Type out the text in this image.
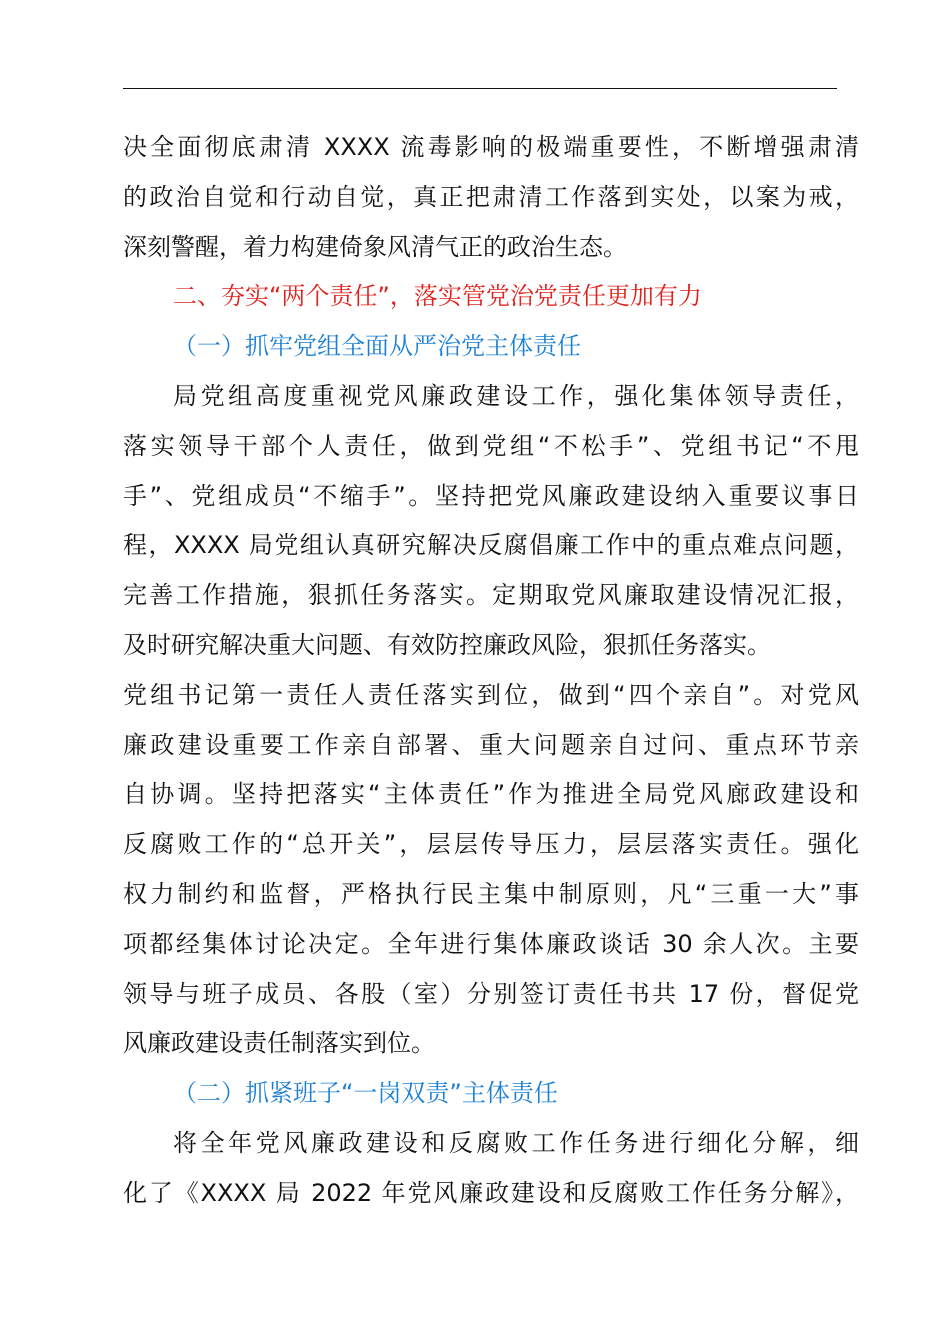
决全面彻底肃清 XXXX 流毒影响的极端重要性，不断增强肃清
的政治自觉和行动自觉，真正把肃清工作落到实处，以案为戒，
深刻警醒，着力构建倚象风清气正的政治生态。
二、夯实“两个责任”，落实管党治党责任更加有力
（一）抓牢党组全面从严治党主体责任
局党组高度重视党风廉政建设工作，强化集体领导责任，
落实领导干部个人责任，做到党组“不松手”、党组书记“不甩
手”、党组成员“不缩手”。坚持把党风廉政建设纳入重要议事日
程，XXXX 局党组认真研究解决反腐倡廉工作中的重点难点问题，
完善工作措施，狠抓任务落实。定期取党风廉取建设情况汇报，
及时研究解决重大问题、有效防控廉政风险，狠抓任务落实。
党组书记第一责任人责任落实到位，做到“四个亲自”。对党风
廉政建设重要工作亲自部署、重大问题亲自过问、重点环节亲
自协调。坚持把落实“主体责任”作为推进全局党风廊政建设和
反腐败工作的“总开关”，层层传导压力，层层落实责任。强化
权力制约和监督，严格执行民主集中制原则，凡“三重一大”事
项都经集体讨论决定。全年进行集体廉政谈话 30 余人次。主要
领导与班子成员、各股（室）分别签订责任书共 17 份，督促党
风廉政建设责任制落实到位。
（二）抓紧班子“一岗双责”主体责任
将全年党风廉政建设和反腐败工作任务进行细化分解，细
化了《XXXX 局 2022 年党风廉政建设和反腐败工作任务分解》，
